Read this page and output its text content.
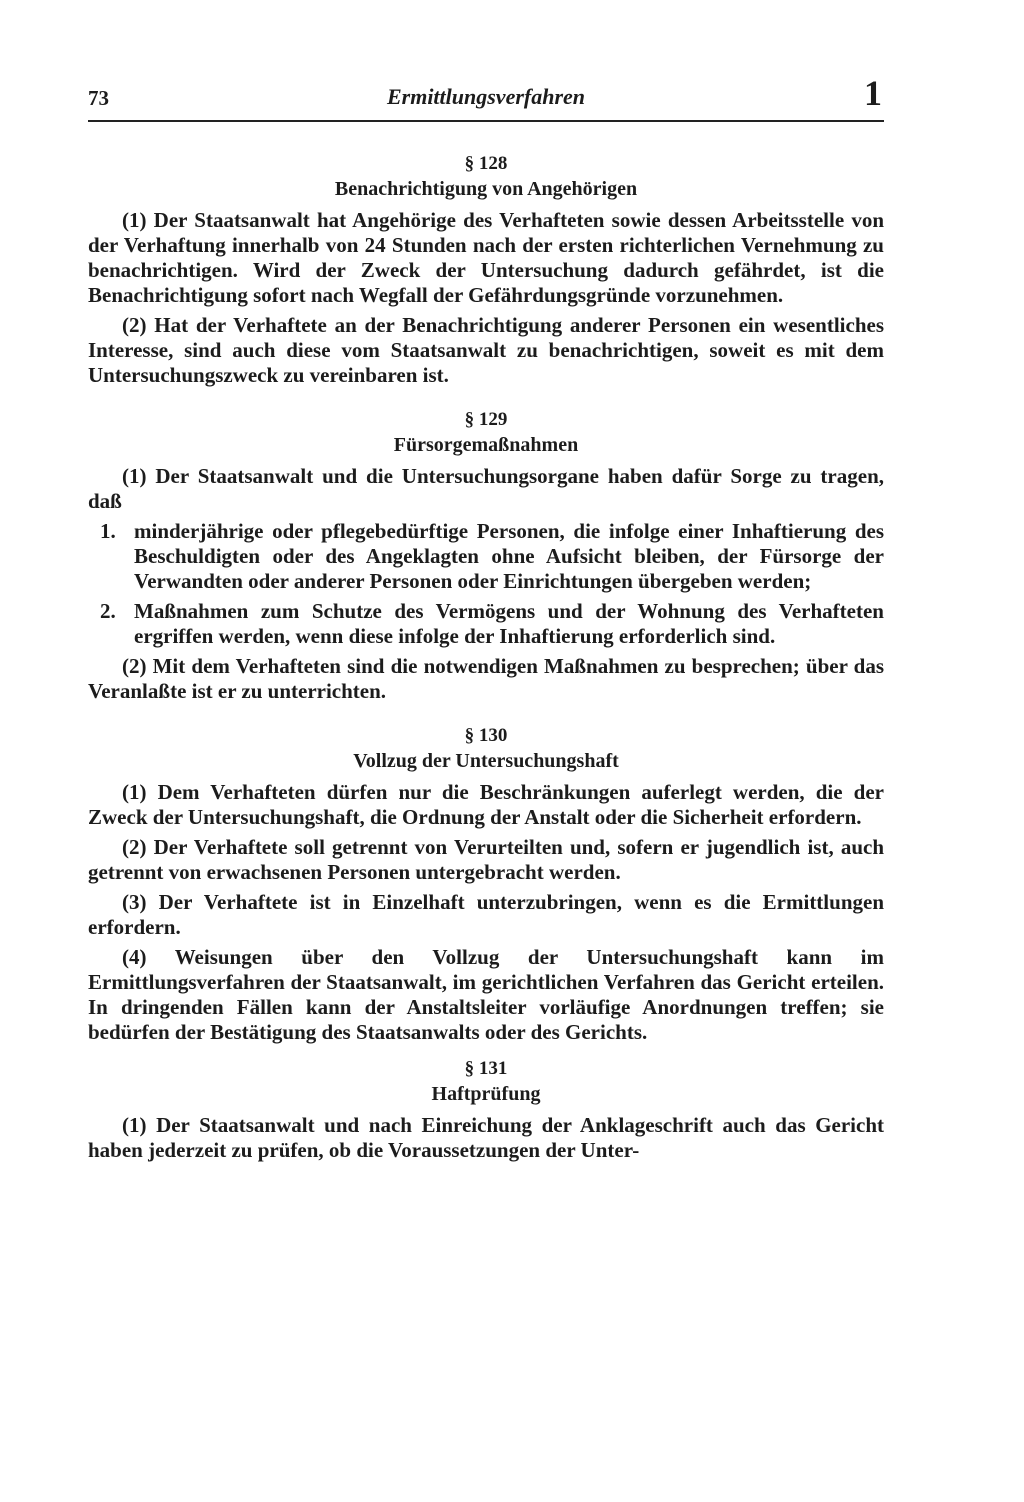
73	Ermittlungsverfahren	1

§ 128

Benachrichtigung von Angehörigen

(1) Der Staatsanwalt hat Angehörige des Verhafteten sowie dessen Arbeitsstelle von der Verhaftung innerhalb von 24 Stunden nach der ersten richterlichen Vernehmung zu benachrichtigen. Wird der Zweck der Untersuchung dadurch gefährdet, ist die Benachrichtigung sofort nach Wegfall der Gefährdungsgründe vorzunehmen.

(2) Hat der Verhaftete an der Benachrichtigung anderer Personen ein wesentliches Interesse, sind auch diese vom Staatsanwalt zu benachrichtigen, soweit es mit dem Untersuchungszweck zu vereinbaren ist.

§ 129

Fürsorgemaßnahmen

(1) Der Staatsanwalt und die Untersuchungsorgane haben dafür Sorge zu tragen, daß

1. minderjährige oder pflegebedürftige Personen, die infolge einer Inhaftierung des Beschuldigten oder des Angeklagten ohne Aufsicht bleiben, der Fürsorge der Verwandten oder anderer Personen oder Einrichtungen übergeben werden;
2. Maßnahmen zum Schutze des Vermögens und der Wohnung des Verhafteten ergriffen werden, wenn diese infolge der Inhaftierung erforderlich sind.

(2) Mit dem Verhafteten sind die notwendigen Maßnahmen zu besprechen; über das Veranlaßte ist er zu unterrichten.

§ 130

Vollzug der Untersuchungshaft

(1) Dem Verhafteten dürfen nur die Beschränkungen auferlegt werden, die der Zweck der Untersuchungshaft, die Ordnung der Anstalt oder die Sicherheit erfordern.

(2) Der Verhaftete soll getrennt von Verurteilten und, sofern er jugendlich ist, auch getrennt von erwachsenen Personen untergebracht werden.

(3) Der Verhaftete ist in Einzelhaft unterzubringen, wenn es die Ermittlungen erfordern.

(4) Weisungen über den Vollzug der Untersuchungshaft kann im Ermittlungsverfahren der Staatsanwalt, im gerichtlichen Verfahren das Gericht erteilen. In dringenden Fällen kann der Anstaltsleiter vorläufige Anordnungen treffen; sie bedürfen der Bestätigung des Staatsanwalts oder des Gerichts.

§ 131

Haftprüfung

(1) Der Staatsanwalt und nach Einreichung der Anklageschrift auch das Gericht haben jederzeit zu prüfen, ob die Voraussetzungen der Unter-
